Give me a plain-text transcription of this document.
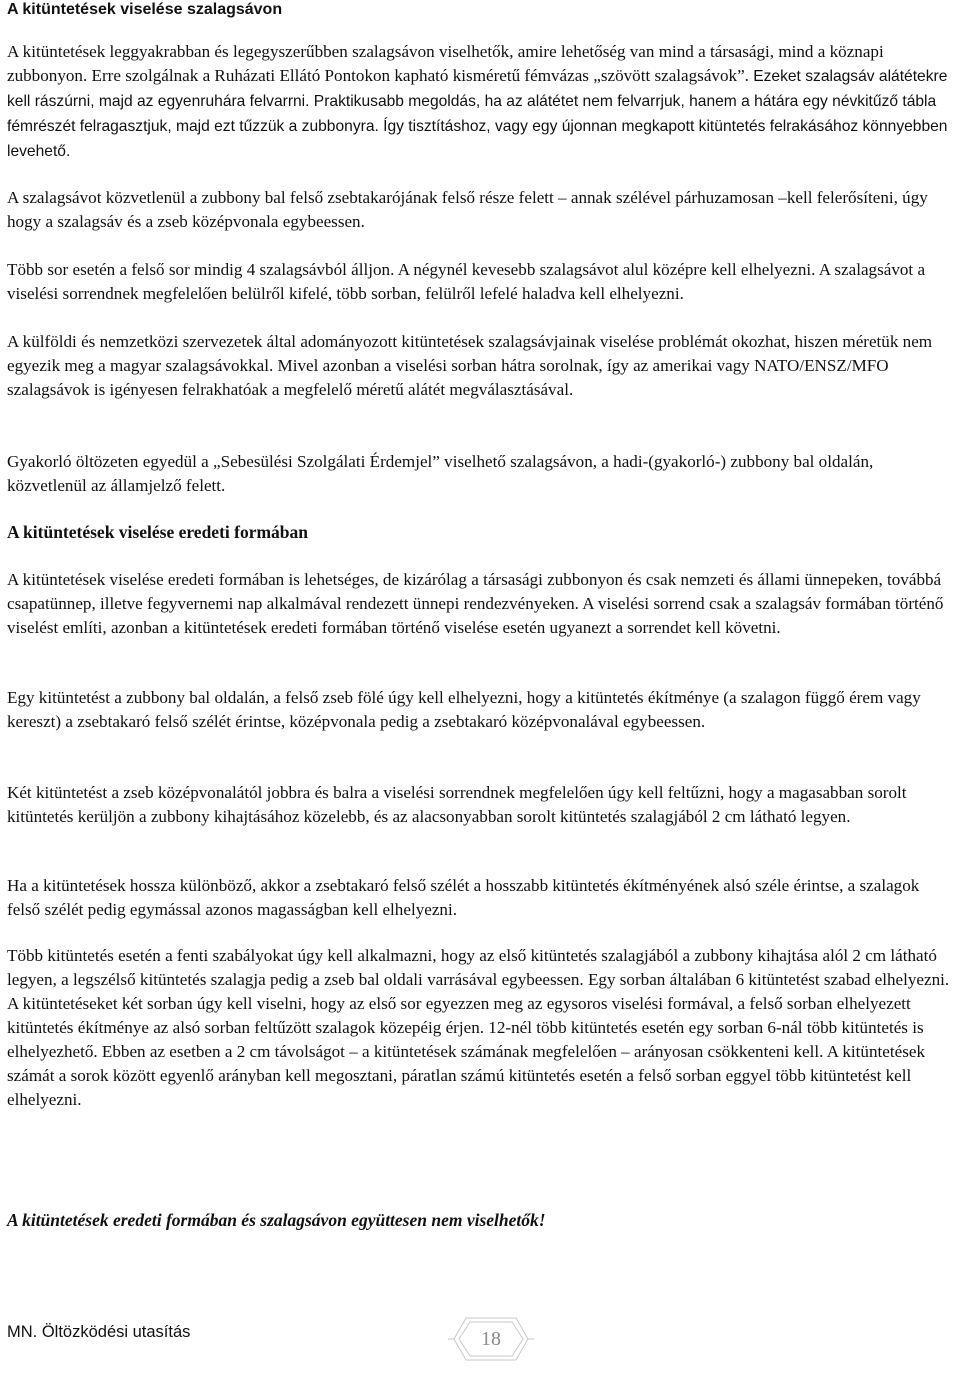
A kitüntetések viselése szalagsávon

A kitüntetések leggyakrabban és legegyszerűbben szalagsávon viselhetők, amire lehetőség van mind a társasági, mind a köznapi zubbonyon. Erre szolgálnak a Ruházati Ellátó Pontokon kapható kisméretű fémvázas „szövött szalagsávok”. Ezeket szalagsáv alátétekre kell rászúrni, majd az egyenruhára felvarrni. Praktikusabb megoldás, ha az alátétet nem felvarrjuk, hanem a hátára egy névkitűző tábla fémrészét felragasztjuk, majd ezt tűzzük a zubbonyra. Így tisztításhoz, vagy egy újonnan megkapott kitüntetés felrakásához könnyebben levehető.

A szalagsávot közvetlenül a zubbony bal felső zsebtakarójának felső része felett – annak szélével párhuzamosan –kell felerősíteni, úgy hogy a szalagsáv és a zseb középvonala egybeessen.

Több sor esetén a felső sor mindig 4 szalagsávból álljon. A négynél kevesebb szalagsávot alul középre kell elhelyezni. A szalagsávot a viselési sorrendnek megfelelően belülről kifelé, több sorban, felülről lefelé haladva kell elhelyezni.

A külföldi és nemzetközi szervezetek által adományozott kitüntetések szalagsávjainak viselése problémát okozhat, hiszen méretük nem egyezik meg a magyar szalagsávokkal. Mivel azonban a viselési sorban hátra sorolnak, így az amerikai vagy NATO/ENSZ/MFO szalagsávok is igényesen felrakhatóak a megfelelő méretű alátét megválasztásával.

Gyakorló öltözeten egyedül a „Sebesülési Szolgálati Érdemjel” viselhető szalagsávon, a hadi-(gyakorló-) zubbony bal oldalán, közvetlenül az államjelző felett.

A kitüntetések viselése eredeti formában

A kitüntetések viselése eredeti formában is lehetséges, de kizárólag a társasági zubbonyon és csak nemzeti és állami ünnepeken, továbbá csapatünnep, illetve fegyvernemi nap alkalmával rendezett ünnepi rendezvényeken. A viselési sorrend csak a szalagsáv formában történő viselést említi, azonban a kitüntetések eredeti formában történő viselése esetén ugyanezt a sorrendet kell követni.

Egy kitüntetést a zubbony bal oldalán, a felső zseb fölé úgy kell elhelyezni, hogy a kitüntetés ékítménye (a szalagon függő érem vagy kereszt) a zsebtakaró felső szélét érintse, középvonala pedig a zsebtakaró középvonalával egybeessen.

Két kitüntetést a zseb középvonalától jobbra és balra a viselési sorrendnek megfelelően úgy kell feltűzni, hogy a magasabban sorolt kitüntetés kerüljön a zubbony kihajtásához közelebb, és az alacsonyabban sorolt kitüntetés szalagjából 2 cm látható legyen.

Ha a kitüntetések hossza különböző, akkor a zsebtakaró felső szélét a hosszabb kitüntetés ékítményének alsó széle érintse, a szalagok felső szélét pedig egymással azonos magasságban kell elhelyezni.

Több kitüntetés esetén a fenti szabályokat úgy kell alkalmazni, hogy az első kitüntetés szalagjából a zubbony kihajtása alól 2 cm látható legyen, a legszélső kitüntetés szalagja pedig a zseb bal oldali varrásával egybeessen. Egy sorban általában 6 kitüntetést szabad elhelyezni. A kitüntetéseket két sorban úgy kell viselni, hogy az első sor egyezzen meg az egysoros viselési formával, a felső sorban elhelyezett kitüntetés ékítménye az alsó sorban feltűzött szalagok közepéig érjen. 12-nél több kitüntetés esetén egy sorban 6-nál több kitüntetés is elhelyezhető. Ebben az esetben a 2 cm távolságot – a kitüntetések számának megfelelően – arányosan csökkenteni kell. A kitüntetések számát a sorok között egyenlő arányban kell megosztani, páratlan számú kitüntetés esetén a felső sorban eggyel több kitüntetést kell elhelyezni.

A kitüntetések eredeti formában és szalagsávon együttesen nem viselhetők!
MN. Öltözködési utasítás	18
